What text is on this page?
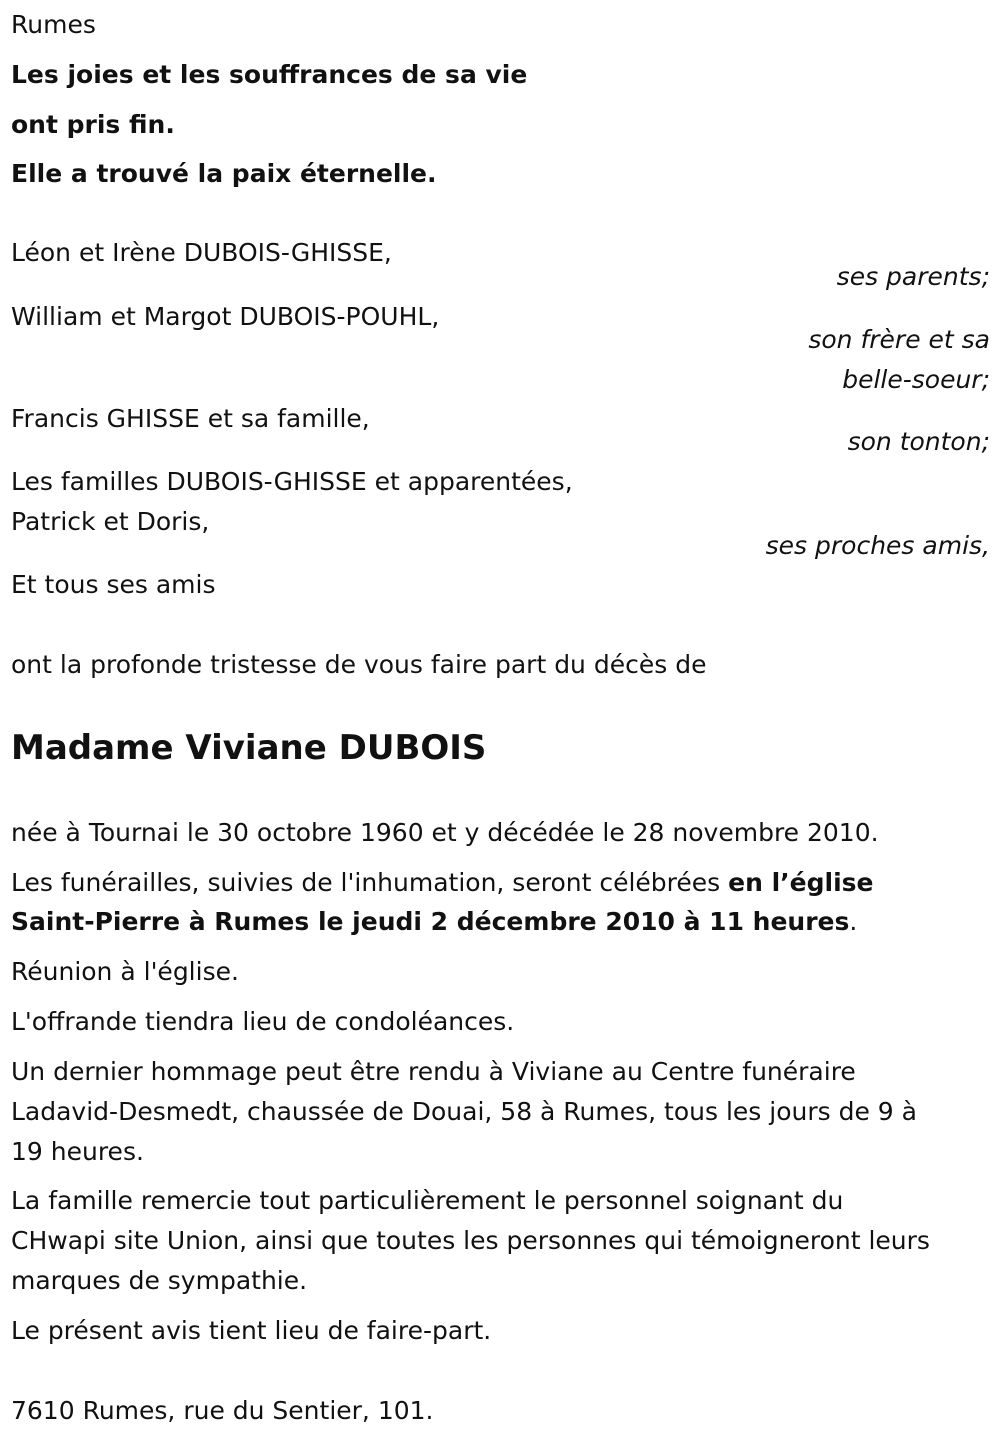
Rumes
Les joies et les souffrances de sa vie
ont pris fin.
Elle a trouvé la paix éternelle.
Léon et Irène DUBOIS-GHISSE,
ses parents;
William et Margot DUBOIS-POUHL,
son frère et sa
belle-soeur;
Francis GHISSE et sa famille,
son tonton;
Les familles DUBOIS-GHISSE et apparentées,
Patrick et Doris,
ses proches amis,
Et tous ses amis
ont la profonde tristesse de vous faire part du décès de
Madame Viviane DUBOIS
née à Tournai le 30 octobre 1960 et y décédée le 28 novembre 2010.
Les funérailles, suivies de l'inhumation, seront célébrées en l’église
Saint-Pierre à Rumes le jeudi 2 décembre 2010 à 11 heures.
Réunion à l'église.
L'offrande tiendra lieu de condoléances.
Un dernier hommage peut être rendu à Viviane au Centre funéraire
Ladavid-Desmedt, chaussée de Douai, 58 à Rumes, tous les jours de 9 à
19 heures.
La famille remercie tout particulièrement le personnel soignant du
CHwapi site Union, ainsi que toutes les personnes qui témoigneront leurs
marques de sympathie.
Le présent avis tient lieu de faire-part.
7610 Rumes, rue du Sentier, 101.
